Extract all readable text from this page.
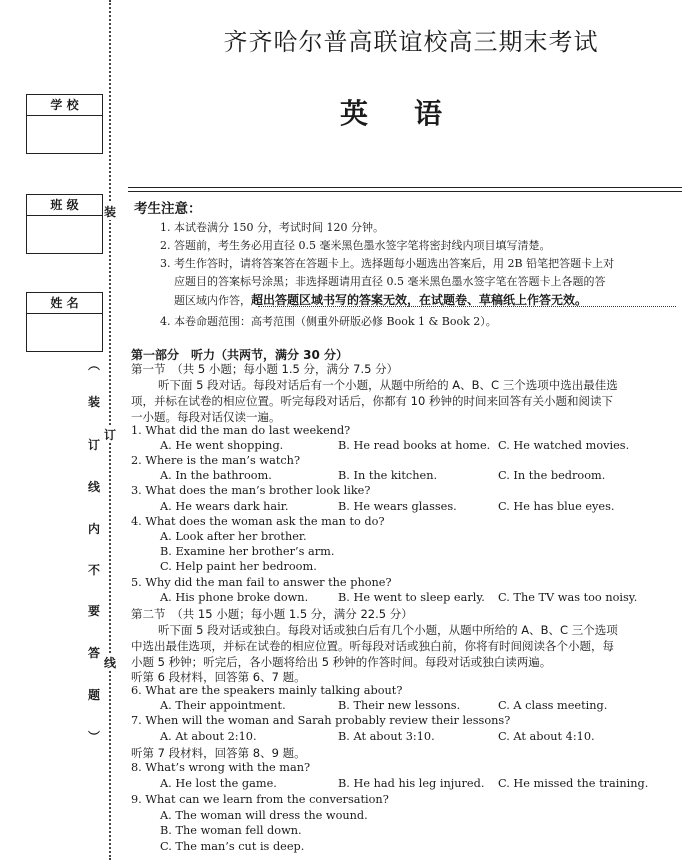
学 校
班 级
姓 名
装
订
线
︵
装
订
线
内
不
要
答
题
︶
齐齐哈尔普高联谊校高三期末考试
英语
考生注意：
1. 本试卷满分 150 分，考试时间 120 分钟。
2. 答题前，考生务必用直径 0.5 毫米黑色墨水签字笔将密封线内项目填写清楚。
3. 考生作答时，请将答案答在答题卡上。选择题每小题选出答案后，用 2B 铅笔把答题卡上对
应题目的答案标号涂黑；非选择题请用直径 0.5 毫米黑色墨水签字笔在答题卡上各题的答
题区域内作答，超出答题区域书写的答案无效，在试题卷、草稿纸上作答无效。
4. 本卷命题范围：高考范围（侧重外研版必修 Book 1 & Book 2）。
第一部分　听力（共两节，满分 30 分）
第一节　（共 5 小题；每小题 1.5 分，满分 7.5 分）
听下面 5 段对话。每段对话后有一个小题，从题中所给的 A、B、C 三个选项中选出最佳选
项，并标在试卷的相应位置。听完每段对话后，你都有 10 秒钟的时间来回答有关小题和阅读下
一小题。每段对话仅读一遍。
1. What did the man do last weekend?
A. He went shopping.	B. He read books at home. C. He watched movies.
2. Where is the man’s watch?
A. In the bathroom.	B. In the kitchen.	C. In the bedroom.
3. What does the man’s brother look like?
A. He wears dark hair.	B. He wears glasses.	C. He has blue eyes.
4. What does the woman ask the man to do?
A. Look after her brother.
B. Examine her brother’s arm.
C. Help paint her bedroom.
5. Why did the man fail to answer the phone?
A. His phone broke down.	B. He went to sleep early. C. The TV was too noisy.
第二节　（共 15 小题；每小题 1.5 分，满分 22.5 分）
听下面 5 段对话或独白。每段对话或独白后有几个小题，从题中所给的 A、B、C 三个选项
中选出最佳选项，并标在试卷的相应位置。听每段对话或独白前，你将有时间阅读各个小题，每
小题 5 秒钟；听完后，各小题将给出 5 秒钟的作答时间。每段对话或独白读两遍。
听第 6 段材料，回答第 6、7 题。
6. What are the speakers mainly talking about?
A. Their appointment.	B. Their new lessons.	C. A class meeting.
7. When will the woman and Sarah probably review their lessons?
A. At about 2:10.	B. At about 3:10.	C. At about 4:10.
听第 7 段材料，回答第 8、9 题。
8. What’s wrong with the man?
A. He lost the game.	B. He had his leg injured. C. He missed the training.
9. What can we learn from the conversation?
A. The woman will dress the wound.
B. The woman fell down.
C. The man’s cut is deep.
